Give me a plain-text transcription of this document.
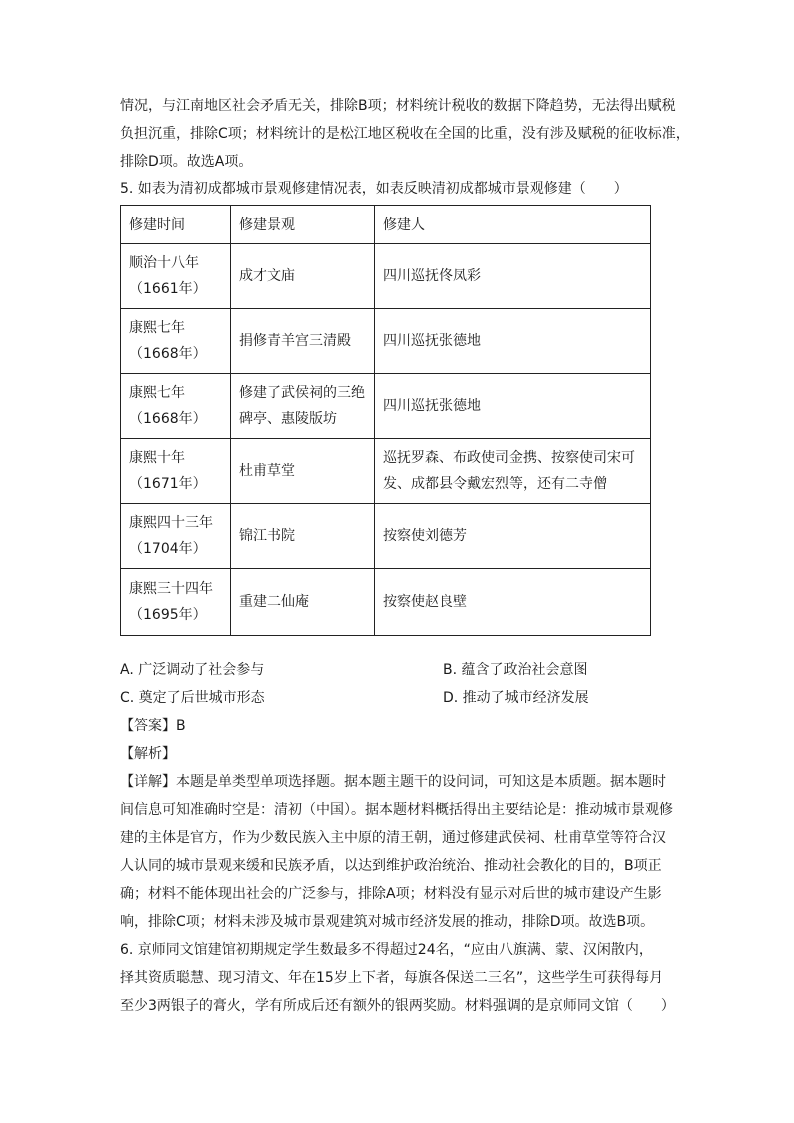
情况，与江南地区社会矛盾无关，排除B项；材料统计税收的数据下降趋势，无法得出赋税
负担沉重，排除C项；材料统计的是松江地区税收在全国的比重，没有涉及赋税的征收标准，
排除D项。故选A项。
5. 如表为清初成都城市景观修建情况表，如表反映清初成都城市景观修建（　　）
修建时间	修建景观	修建人

顺治十八年
（1661年）	成才文庙	四川巡抚佟凤彩

康熙七年
（1668年）	捐修青羊宫三清殿	四川巡抚张德地

康熙七年
（1668年）	修建了武侯祠的三绝
碑亭、惠陵版坊	四川巡抚张德地

康熙十年
（1671年）	杜甫草堂	巡抚罗森、布政使司金携、按察使司宋可
发、成都县令戴宏烈等，还有二寺僧

康熙四十三年
（1704年）	锦江书院	按察使刘德芳

康熙三十四年
（1695年）	重建二仙庵	按察使赵良壁
A. 广泛调动了社会参与	B. 蕴含了政治社会意图
C. 奠定了后世城市形态	D. 推动了城市经济发展
【答案】B
【解析】
【详解】本题是单类型单项选择题。据本题主题干的设问词，可知这是本质题。据本题时
间信息可知准确时空是：清初（中国）。据本题材料概括得出主要结论是：推动城市景观修
建的主体是官方，作为少数民族入主中原的清王朝，通过修建武侯祠、杜甫草堂等符合汉
人认同的城市景观来缓和民族矛盾，以达到维护政治统治、推动社会教化的目的，B项正
确；材料不能体现出社会的广泛参与，排除A项；材料没有显示对后世的城市建设产生影
响，排除C项；材料未涉及城市景观建筑对城市经济发展的推动，排除D项。故选B项。
6. 京师同文馆建馆初期规定学生数最多不得超过24名，“应由八旗满、蒙、汉闲散内，
择其资质聪慧、现习清文、年在15岁上下者，每旗各保送二三名”，这些学生可获得每月
至少3两银子的膏火，学有所成后还有额外的银两奖励。材料强调的是京师同文馆（　　）
